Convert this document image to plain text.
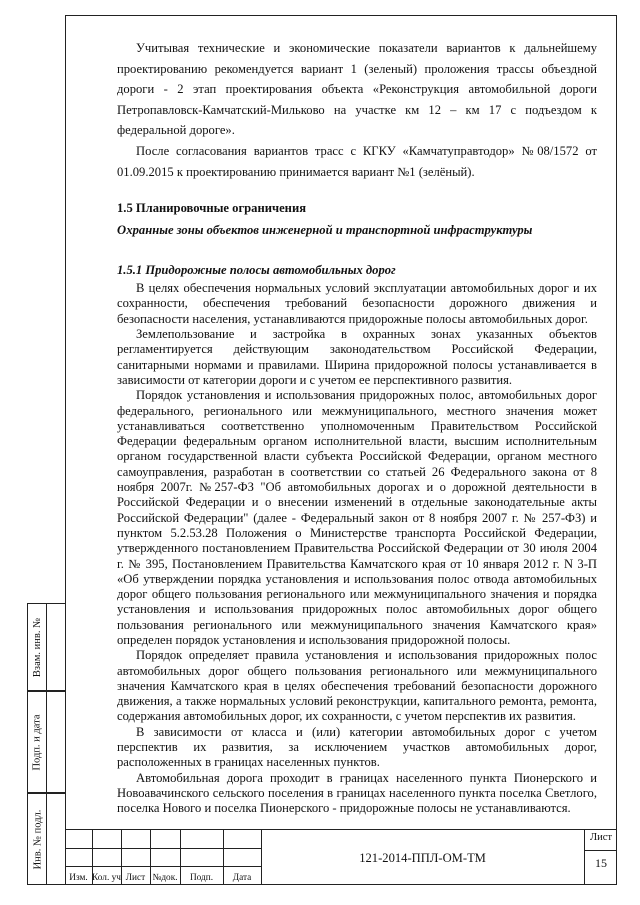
Учитывая технические и экономические показатели вариантов к дальнейшему проектированию рекомендуется вариант 1 (зеленый) проложения трассы объездной дороги - 2 этап проектирования объекта «Реконструкция автомобильной дороги Петропавловск-Камчатский-Мильково на участке км 12 – км 17 с подъездом к федеральной дороге».

После согласования вариантов трасс с КГКУ «Камчатуправтодор» №08/1572 от 01.09.2015 к проектированию принимается вариант №1 (зелёный).

1.5 Планировочные ограничения

Охранные зоны объектов инженерной и транспортной инфраструктуры

1.5.1 Придорожные полосы автомобильных дорог

В целях обеспечения нормальных условий эксплуатации автомобильных дорог и их сохранности, обеспечения требований безопасности дорожного движения и безопасности населения, устанавливаются придорожные полосы автомобильных дорог.

Землепользование и застройка в охранных зонах указанных объектов регламентируется действующим законодательством Российской Федерации, санитарными нормами и правилами. Ширина придорожной полосы устанавливается в зависимости от категории дороги и с учетом ее перспективного развития.

Порядок установления и использования придорожных полос, автомобильных дорог федерального, регионального или межмуниципального, местного значения может устанавливаться соответственно уполномоченным Правительством Российской Федерации федеральным органом исполнительной власти, высшим исполнительным органом государственной власти субъекта Российской Федерации, органом местного самоуправления, разработан в соответствии со статьей 26 Федерального закона от 8 ноября 2007г. №257-ФЗ "Об автомобильных дорогах и о дорожной деятельности в Российской Федерации и о внесении изменений в отдельные законодательные акты Российской Федерации" (далее - Федеральный закон от 8 ноября 2007 г. № 257-ФЗ) и пунктом 5.2.53.28 Положения о Министерстве транспорта Российской Федерации, утвержденного постановлением Правительства Российской Федерации от 30 июля 2004 г. № 395, Постановлением Правительства Камчатского края от 10 января 2012 г. N 3-П «Об утверждении порядка установления и использования полос отвода автомобильных дорог общего пользования регионального или межмуниципального значения и порядка установления и использования придорожных полос автомобильных дорог общего пользования регионального или межмуниципального значения Камчатского края» определен порядок установления и использования придорожной полосы.

Порядок определяет правила установления и использования придорожных полос автомобильных дорог общего пользования регионального или межмуниципального значения Камчатского края в целях обеспечения требований безопасности дорожного движения, а также нормальных условий реконструкции, капитального ремонта, ремонта, содержания автомобильных дорог, их сохранности, с учетом перспектив их развития.

В зависимости от класса и (или) категории автомобильных дорог с учетом перспектив их развития, за исключением участков автомобильных дорог, расположенных в границах населенных пунктов.

Автомобильная дорога проходит в границах населенного пункта Пионерского и Новоавачинского сельского поселения в границах населенного пункта поселка Светлого, поселка Нового и поселка Пионерского - придорожные полосы не устанавливаются.

Взам. инв. №
Подп. и дата
Инв. № подл.
Изм. Кол. уч Лист №док.	Подп.	Дата
121-2014-ППЛ-ОМ-ТМ
Лист
15
